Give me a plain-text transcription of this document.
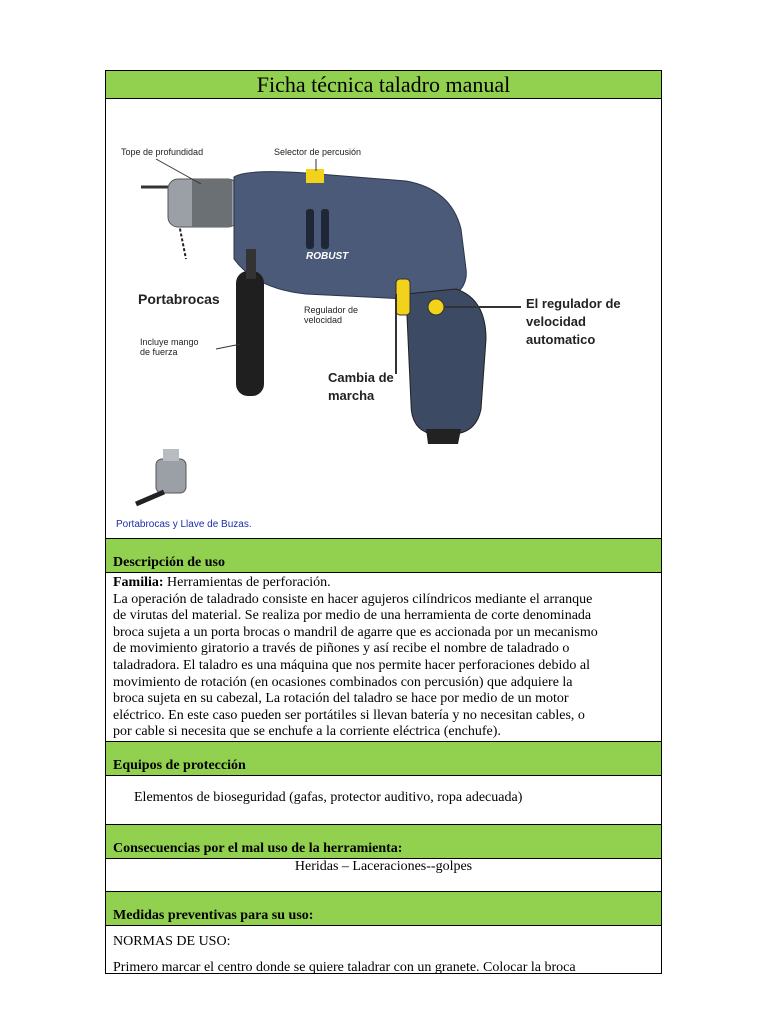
Ficha técnica taladro manual
Tope de profundidad	Selector de percusión
ROBUST
Portabrocas
Incluye mango
de fuerza
Regulador de
velocidad
Cambia de
marcha
El regulador de
velocidad
automatico
Portabrocas y Llave de Buzas.
Descripción de uso
Familia: Herramientas de perforación.
La operación de taladrado consiste en hacer agujeros cilíndricos mediante el arranque
de virutas del material. Se realiza por medio de una herramienta de corte denominada
broca sujeta a un porta brocas o mandril de agarre que es accionada por un mecanismo
de movimiento giratorio a través de piñones y así recibe el nombre de taladrado o
taladradora. El taladro es una máquina que nos permite hacer perforaciones debido al
movimiento de rotación (en ocasiones combinados con percusión) que adquiere la
broca sujeta en su cabezal, La rotación del taladro se hace por medio de un motor
eléctrico. En este caso pueden ser portátiles si llevan batería y no necesitan cables, o
por cable si necesita que se enchufe a la corriente eléctrica (enchufe).
Equipos de protección
Elementos de bioseguridad (gafas, protector auditivo, ropa adecuada)
Consecuencias por el mal uso de la herramienta:
Heridas – Laceraciones--golpes
Medidas preventivas para su uso:
NORMAS DE USO:
Primero marcar el centro donde se quiere taladrar con un granete. Colocar la broca
